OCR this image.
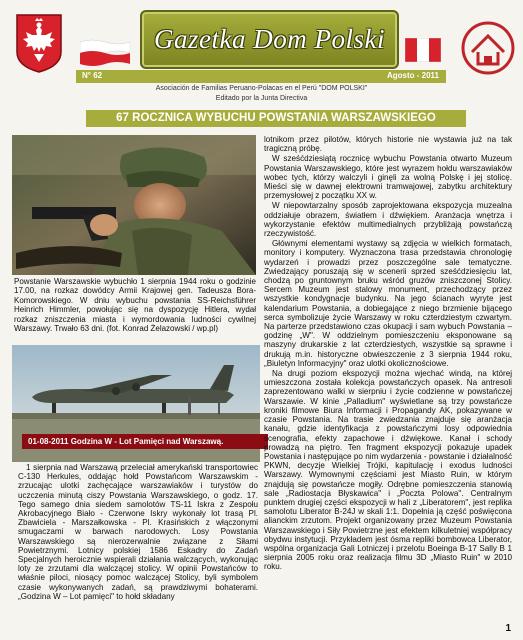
Gazetka Dom Polski
N° 62	Agosto - 2011
Asociación de Familias Peruano-Polacas en el Perú "DOM POLSKI"
Editado por la Junta Directiva
67 ROCZNICA WYBUCHU POWSTANIA WARSZAWSKIEGO
Powstanie Warszawskie wybuchło 1 sierpnia 1944 roku o godzinie 17.00, na rozkaz dowódcy Armii Krajowej gen. Tadeusza Bora-Komorowskiego. W dniu wybuchu powstania SS-Reichsführer Heinrich Himmler, powołując się na dyspozycję Hitlera, wydał rozkaz zniszczenia miasta i wymordowania ludności cywilnej Warszawy. Trwało 63 dni. (fot. Konrad Żelazowski / wp.pl)
01-08-2011 Godzina W - Lot Pamięci nad Warszawą.

1 sierpnia nad Warszawą przeleciał amerykański transportowiec C-130 Herkules, oddając hołd Powstańcom Warszawskim - zrzucając ulotki zachęcające warszawiaków i turystów do uczczenia minutą ciszy Powstania Warszawskiego, o godz. 17. Tego samego dnia siedem samolotów TS-11 Iskra z Zespołu Akrobacyjnego Biało - Czerwone Iskry wykonały lot trasą Pl. Zbawiciela - Marszałkowska - Pl. Krasińskich z włączonymi smugaczami w barwach narodowych. Losy Powstania Warszawskiego są nierozerwalnie związane z Siłami Powietrznymi. Lotnicy polskiej 1586 Eskadry do Zadań Specjalnych heroicznie wspierali działania walczących, wykonując loty ze zrzutami dla walczącej stolicy. W opinii Powstańców to właśnie piloci, niosący pomoc walczącej Stolicy, byli symbolem czasie wykonywanych zadań, są prawdziwymi bohaterami. „Godzina W – Lot pamięci" to hołd składany

lotnikom przez pilotów, których historie nie wystawia już na tak tragiczną próbę.

W sześćdziesiątą rocznicę wybuchu Powstania otwarto Muzeum Powstania Warszawskiego, które jest wyrazem hołdu warszawiaków wobec tych, którzy walczyli i ginęli za wolną Polskę i jej stolicę. Mieści się w dawnej elektrowni tramwajowej, zabytku architektury przemysłowej z początku XX w.

W niepowtarzalny sposób zaprojektowana ekspozycja muzealna oddziałuje obrazem, światłem i dźwiękiem. Aranżacja wnętrza i wykorzystanie efektów multimedialnych przybliżają powstańczą rzeczywistość.

Głównymi elementami wystawy są zdjęcia w wielkich formatach, monitory i komputery. Wyznaczona trasa przedstawia chronologię wydarzeń i prowadzi przez poszczególne sale tematyczne. Zwiedzający poruszają się w scenerii sprzed sześćdziesięciu lat, chodzą po gruntownym bruku wśród gruzów zniszczonej Stolicy. Sercem Muzeum jest stalowy monument, przechodzący przez wszystkie kondygnacje budynku. Na jego ścianach wyryte jest kalendarium Powstania, a dobiegające z niego brzmienie bijącego serca symbolizuje życie Warszawy w roku czterdziestym czwartym. Na parterze przedstawiono czas okupacji i sam wybuch Powstania – godzinę „W". W oddzielnym pomieszczeniu eksponowane są maszyny drukarskie z lat czterdziestych, wszystkie są sprawne i drukują m.in. historyczne obwieszczenie z 3 sierpnia 1944 roku, „Biuletyn Informacyjny" oraz ulotki okolicznościowe.

Na drugi poziom ekspozycji można wjechać windą, na której umieszczona została kolekcja powstańczych opasek. Na antresoli zaprezentowano walki w sierpniu i życie codzienne w powstańczej Warszawie. W kinie „Palladium" wyświetlane są trzy powstańcze kroniki filmowe Biura Informacji i Propagandy AK, pokazywane w czasie Powstania. Na trasie zwiedzania znajduje się aranżacja kanału, gdzie identyfikacja z powstańczymi losy odpowiednia scenografia, efekty zapachowe i dźwiękowe. Kanał i schody prowadzą na piętro. Ten fragment ekspozycji pokazuje upadek Powstania i następujące po nim wydarzenia - powstanie i działalność PKWN, decyzje Wielkiej Trójki, kapitulację i exodus ludności Warszawy. Wymownymi częściami jest Miasto Ruin, w którym znajdują się powstańcze mogiły. Odrębne pomieszczenia stanowią sale „Radiostacja Błyskawica" i „Poczta Polowa". Centralnym punktem drugiej części ekspozycji w hali z „Liberatorem", jest replika samolotu Liberator B-24J w skali 1:1. Dopełnia ją część poświęcona alianckim zrzutom. Projekt organizowany przez Muzeum Powstania Warszawskiego i Siły Powietrzne jest efektem kilkuletniej współpracy obydwu instytucji. Przykładem jest ósma repliki bombowca Liberator, wspólna organizacja Gali Lotniczej i przelotu Boeinga B-17 Sally B 1 sierpnia 2005 roku oraz realizacja filmu 3D „Miasto Ruin" w 2010 roku.

1
